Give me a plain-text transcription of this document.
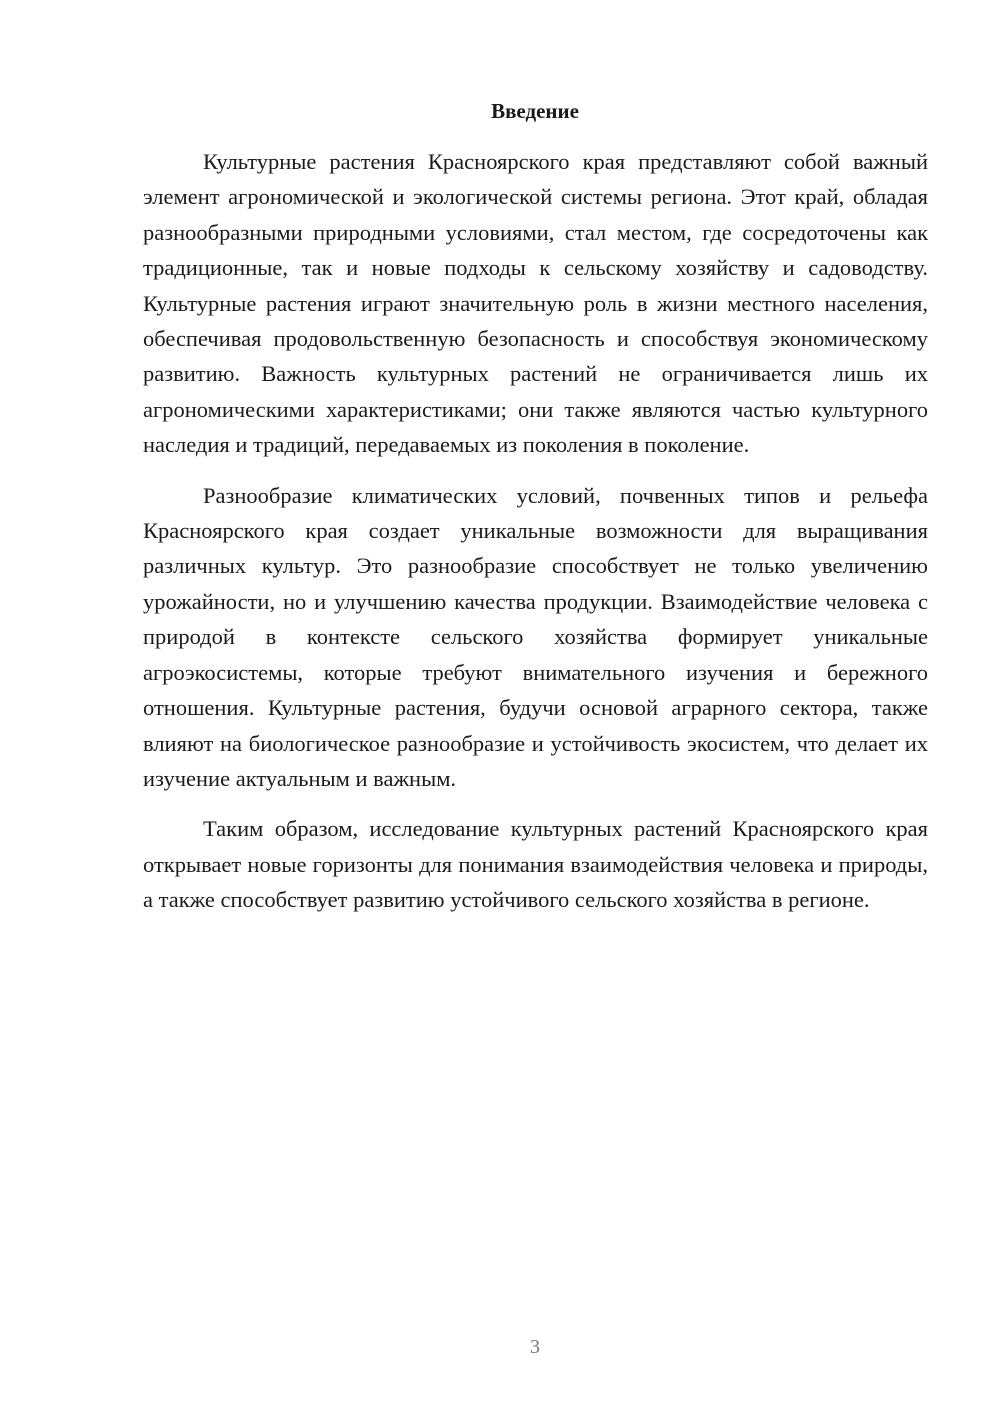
Введение

Культурные растения Красноярского края представляют собой важный элемент агрономической и экологической системы региона. Этот край, обладая разнообразными природными условиями, стал местом, где сосредоточены как традиционные, так и новые подходы к сельскому хозяйству и садоводству. Культурные растения играют значительную роль в жизни местного населения, обеспечивая продовольственную безопасность и способствуя экономическому развитию. Важность культурных растений не ограничивается лишь их агрономическими характеристиками; они также являются частью культурного наследия и традиций, передаваемых из поколения в поколение.

Разнообразие климатических условий, почвенных типов и рельефа Красноярского края создает уникальные возможности для выращивания различных культур. Это разнообразие способствует не только увеличению урожайности, но и улучшению качества продукции. Взаимодействие человека с природой в контексте сельского хозяйства формирует уникальные агроэкосистемы, которые требуют внимательного изучения и бережного отношения. Культурные растения, будучи основой аграрного сектора, также влияют на биологическое разнообразие и устойчивость экосистем, что делает их изучение актуальным и важным.

Таким образом, исследование культурных растений Красноярского края открывает новые горизонты для понимания взаимодействия человека и природы, а также способствует развитию устойчивого сельского хозяйства в регионе.

3
